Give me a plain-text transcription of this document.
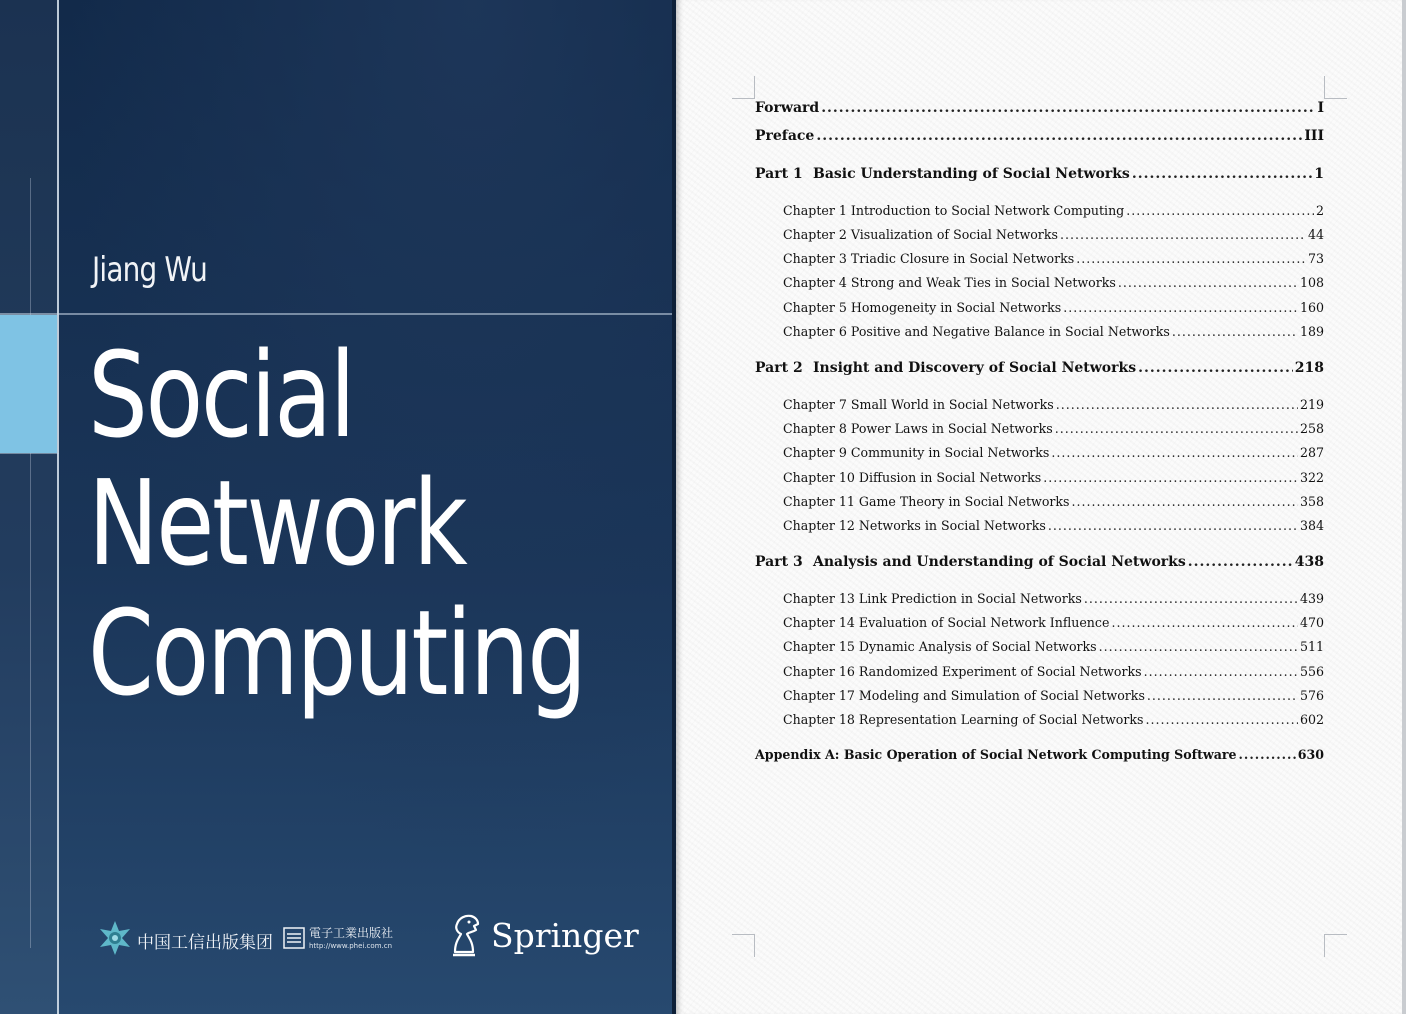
Jiang Wu
Social
Network
Computing
中国工信出版集团	電子工業出版社
http://www.phei.com.cn	Springer
Forward .....	I
Preface .....	III
Part 1 Basic Understanding of Social Networks .....	1
Chapter 1 Introduction to Social Network Computing .....	2
Chapter 2 Visualization of Social Networks .....	44
Chapter 3 Triadic Closure in Social Networks .....	73
Chapter 4 Strong and Weak Ties in Social Networks .....	108
Chapter 5 Homogeneity in Social Networks .....	160
Chapter 6 Positive and Negative Balance in Social Networks .....	189
Part 2 Insight and Discovery of Social Networks .....	218
Chapter 7 Small World in Social Networks .....	219
Chapter 8 Power Laws in Social Networks .....	258
Chapter 9 Community in Social Networks .....	287
Chapter 10 Diffusion in Social Networks .....	322
Chapter 11 Game Theory in Social Networks .....	358
Chapter 12 Networks in Social Networks .....	384
Part 3 Analysis and Understanding of Social Networks .....	438
Chapter 13 Link Prediction in Social Networks .....	439
Chapter 14 Evaluation of Social Network Influence .....	470
Chapter 15 Dynamic Analysis of Social Networks .....	511
Chapter 16 Randomized Experiment of Social Networks .....	556
Chapter 17 Modeling and Simulation of Social Networks .....	576
Chapter 18 Representation Learning of Social Networks .....	602
Appendix A: Basic Operation of Social Network Computing Software .....	630
